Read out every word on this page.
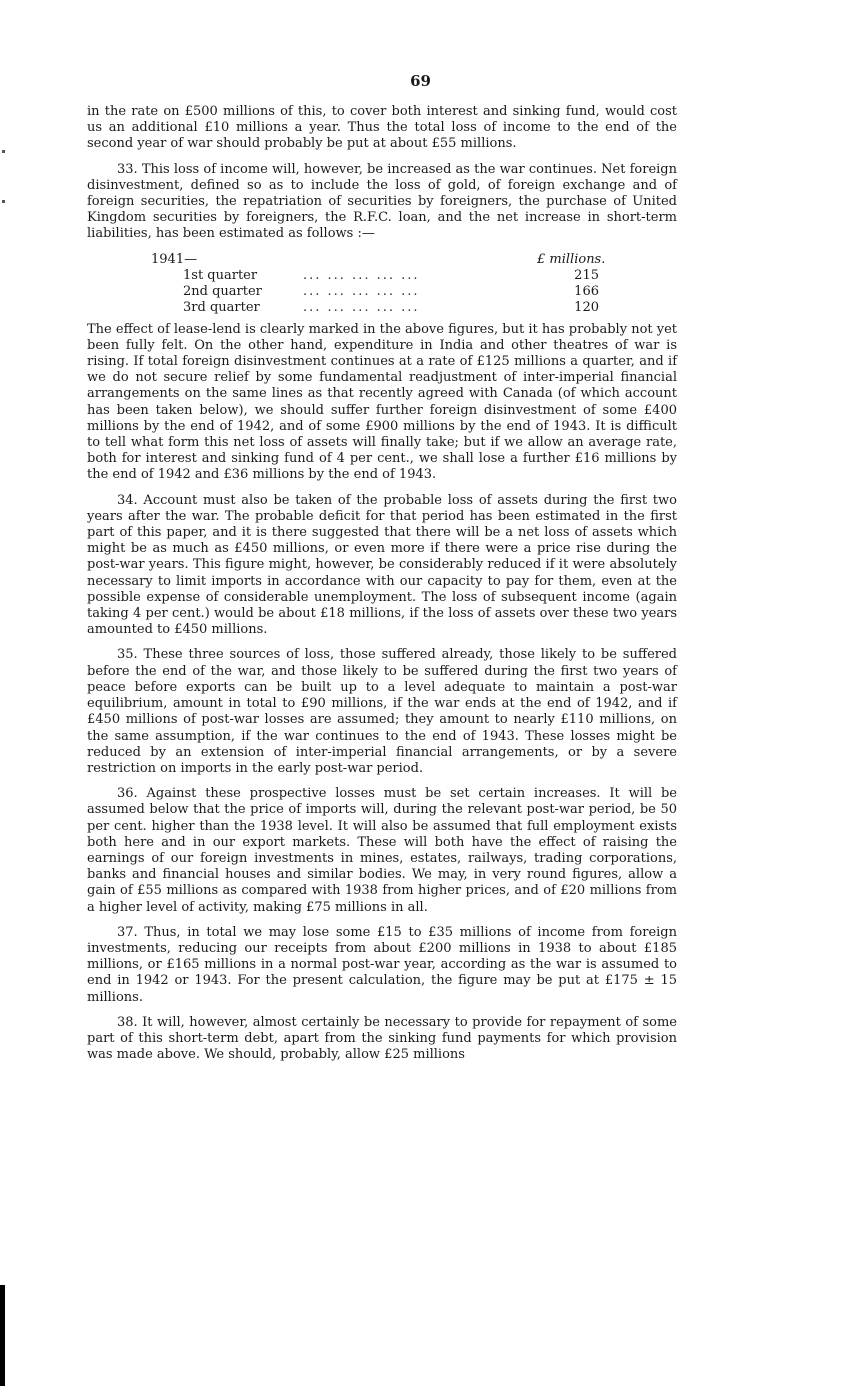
69

in the rate on £500 millions of this, to cover both interest and sinking fund, would cost us an additional £10 millions a year. Thus the total loss of income to the end of the second year of war should probably be put at about £55 millions.

33. This loss of income will, however, be increased as the war continues. Net foreign disinvestment, defined so as to include the loss of gold, of foreign exchange and of foreign securities, the repatriation of securities by foreigners, the purchase of United Kingdom securities by foreigners, the R.F.C. loan, and the net increase in short-term liabilities, has been estimated as follows :—

1941—	£ millions.
1st quarter	... ... ... ... ...	215
2nd quarter	... ... ... ... ...	166
3rd quarter	... ... ... ... ...	120

The effect of lease-lend is clearly marked in the above figures, but it has probably not yet been fully felt. On the other hand, expenditure in India and other theatres of war is rising. If total foreign disinvestment continues at a rate of £125 millions a quarter, and if we do not secure relief by some fundamental readjustment of inter-imperial financial arrangements on the same lines as that recently agreed with Canada (of which account has been taken below), we should suffer further foreign disinvestment of some £400 millions by the end of 1942, and of some £900 millions by the end of 1943. It is difficult to tell what form this net loss of assets will finally take; but if we allow an average rate, both for interest and sinking fund of 4 per cent., we shall lose a further £16 millions by the end of 1942 and £36 millions by the end of 1943.

34. Account must also be taken of the probable loss of assets during the first two years after the war. The probable deficit for that period has been estimated in the first part of this paper, and it is there suggested that there will be a net loss of assets which might be as much as £450 millions, or even more if there were a price rise during the post-war years. This figure might, however, be considerably reduced if it were absolutely necessary to limit imports in accordance with our capacity to pay for them, even at the possible expense of considerable unemployment. The loss of subsequent income (again taking 4 per cent.) would be about £18 millions, if the loss of assets over these two years amounted to £450 millions.

35. These three sources of loss, those suffered already, those likely to be suffered before the end of the war, and those likely to be suffered during the first two years of peace before exports can be built up to a level adequate to maintain a post-war equilibrium, amount in total to £90 millions, if the war ends at the end of 1942, and if £450 millions of post-war losses are assumed; they amount to nearly £110 millions, on the same assumption, if the war continues to the end of 1943. These losses might be reduced by an extension of inter-imperial financial arrangements, or by a severe restriction on imports in the early post-war period.

36. Against these prospective losses must be set certain increases. It will be assumed below that the price of imports will, during the relevant post-war period, be 50 per cent. higher than the 1938 level. It will also be assumed that full employment exists both here and in our export markets. These will both have the effect of raising the earnings of our foreign investments in mines, estates, railways, trading corporations, banks and financial houses and similar bodies. We may, in very round figures, allow a gain of £55 millions as compared with 1938 from higher prices, and of £20 millions from a higher level of activity, making £75 millions in all.

37. Thus, in total we may lose some £15 to £35 millions of income from foreign investments, reducing our receipts from about £200 millions in 1938 to about £185 millions, or £165 millions in a normal post-war year, according as the war is assumed to end in 1942 or 1943. For the present calculation, the figure may be put at £175 ± 15 millions.

38. It will, however, almost certainly be necessary to provide for repayment of some part of this short-term debt, apart from the sinking fund payments for which provision was made above. We should, probably, allow £25 millions
